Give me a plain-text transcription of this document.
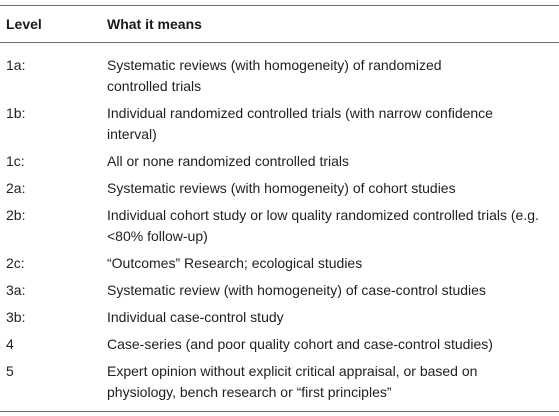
Level	What it means
1a:	Systematic reviews (with homogeneity) of randomized controlled trials
1b:	Individual randomized controlled trials (with narrow confidence interval)
1c:	All or none randomized controlled trials
2a:	Systematic reviews (with homogeneity) of cohort studies
2b:	Individual cohort study or low quality randomized controlled trials (e.g. <80% follow-up)
2c:	“Outcomes” Research; ecological studies
3a:	Systematic review (with homogeneity) of case-control studies
3b:	Individual case-control study
4	Case-series (and poor quality cohort and case-control studies)
5	Expert opinion without explicit critical appraisal, or based on physiology, bench research or “first principles”
